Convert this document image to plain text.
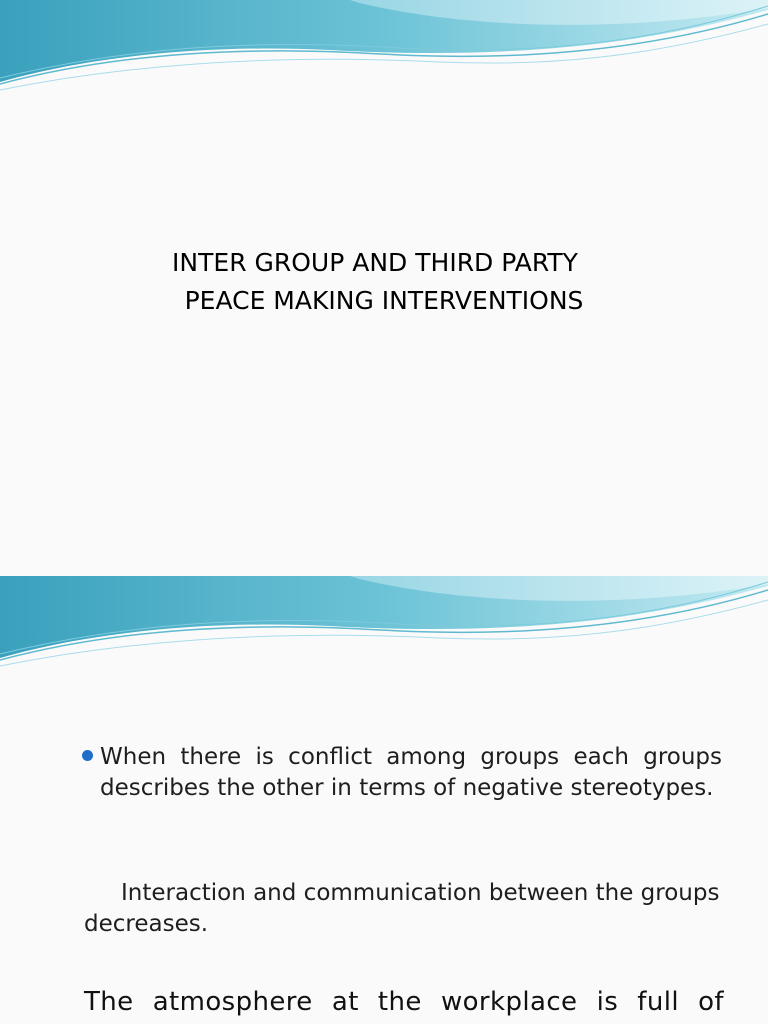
INTER GROUP AND THIRD PARTY
PEACE MAKING INTERVENTIONS
When there is conflict among groups each groups describes the other in terms of negative stereotypes.
Interaction and communication between the groups decreases.
The atmosphere at the workplace is full of
